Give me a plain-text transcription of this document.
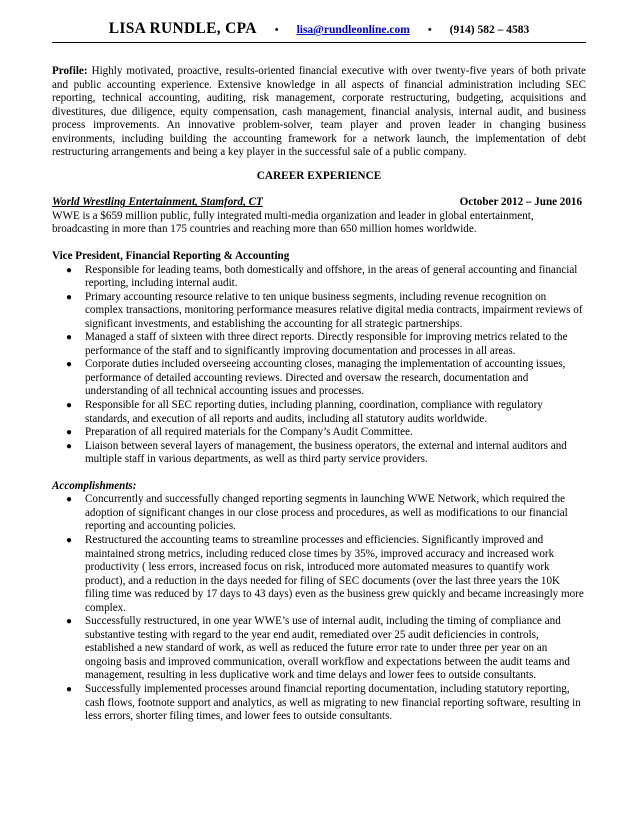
LISA RUNDLE, CPA • lisa@rundleonline.com • (914) 582 – 4583
Profile: Highly motivated, proactive, results-oriented financial executive with over twenty-five years of both private and public accounting experience. Extensive knowledge in all aspects of financial administration including SEC reporting, technical accounting, auditing, risk management, corporate restructuring, budgeting, acquisitions and divestitures, due diligence, equity compensation, cash management, financial analysis, internal audit, and business process improvements. An innovative problem-solver, team player and proven leader in changing business environments, including building the accounting framework for a network launch, the implementation of debt restructuring arrangements and being a key player in the successful sale of a public company.
CAREER EXPERIENCE
World Wrestling Entertainment, Stamford, CT	October 2012 – June 2016
WWE is a $659 million public, fully integrated multi-media organization and leader in global entertainment, broadcasting in more than 175 countries and reaching more than 650 million homes worldwide.
Vice President, Financial Reporting & Accounting
● Responsible for leading teams, both domestically and offshore, in the areas of general accounting and financial reporting, including internal audit.
● Primary accounting resource relative to ten unique business segments, including revenue recognition on complex transactions, monitoring performance measures relative digital media contracts, impairment reviews of significant investments, and establishing the accounting for all strategic partnerships.
● Managed a staff of sixteen with three direct reports. Directly responsible for improving metrics related to the performance of the staff and to significantly improving documentation and processes in all areas.
● Corporate duties included overseeing accounting closes, managing the implementation of accounting issues, performance of detailed accounting reviews. Directed and oversaw the research, documentation and understanding of all technical accounting issues and processes.
● Responsible for all SEC reporting duties, including planning, coordination, compliance with regulatory standards, and execution of all reports and audits, including all statutory audits worldwide.
● Preparation of all required materials for the Company’s Audit Committee.
● Liaison between several layers of management, the business operators, the external and internal auditors and multiple staff in various departments, as well as third party service providers.
Accomplishments:
● Concurrently and successfully changed reporting segments in launching WWE Network, which required the adoption of significant changes in our close process and procedures, as well as modifications to our financial reporting and accounting policies.
● Restructured the accounting teams to streamline processes and efficiencies. Significantly improved and maintained strong metrics, including reduced close times by 35%, improved accuracy and increased work productivity ( less errors, increased focus on risk, introduced more automated measures to quantify work product), and a reduction in the days needed for filing of SEC documents (over the last three years the 10K filing time was reduced by 17 days to 43 days) even as the business grew quickly and became increasingly more complex.
● Successfully restructured, in one year WWE’s use of internal audit, including the timing of compliance and substantive testing with regard to the year end audit, remediated over 25 audit deficiencies in controls, established a new standard of work, as well as reduced the future error rate to under three per year on an ongoing basis and improved communication, overall workflow and expectations between the audit teams and management, resulting in less duplicative work and time delays and lower fees to outside consultants.
● Successfully implemented processes around financial reporting documentation, including statutory reporting, cash flows, footnote support and analytics, as well as migrating to new financial reporting software, resulting in less errors, shorter filing times, and lower fees to outside consultants.
